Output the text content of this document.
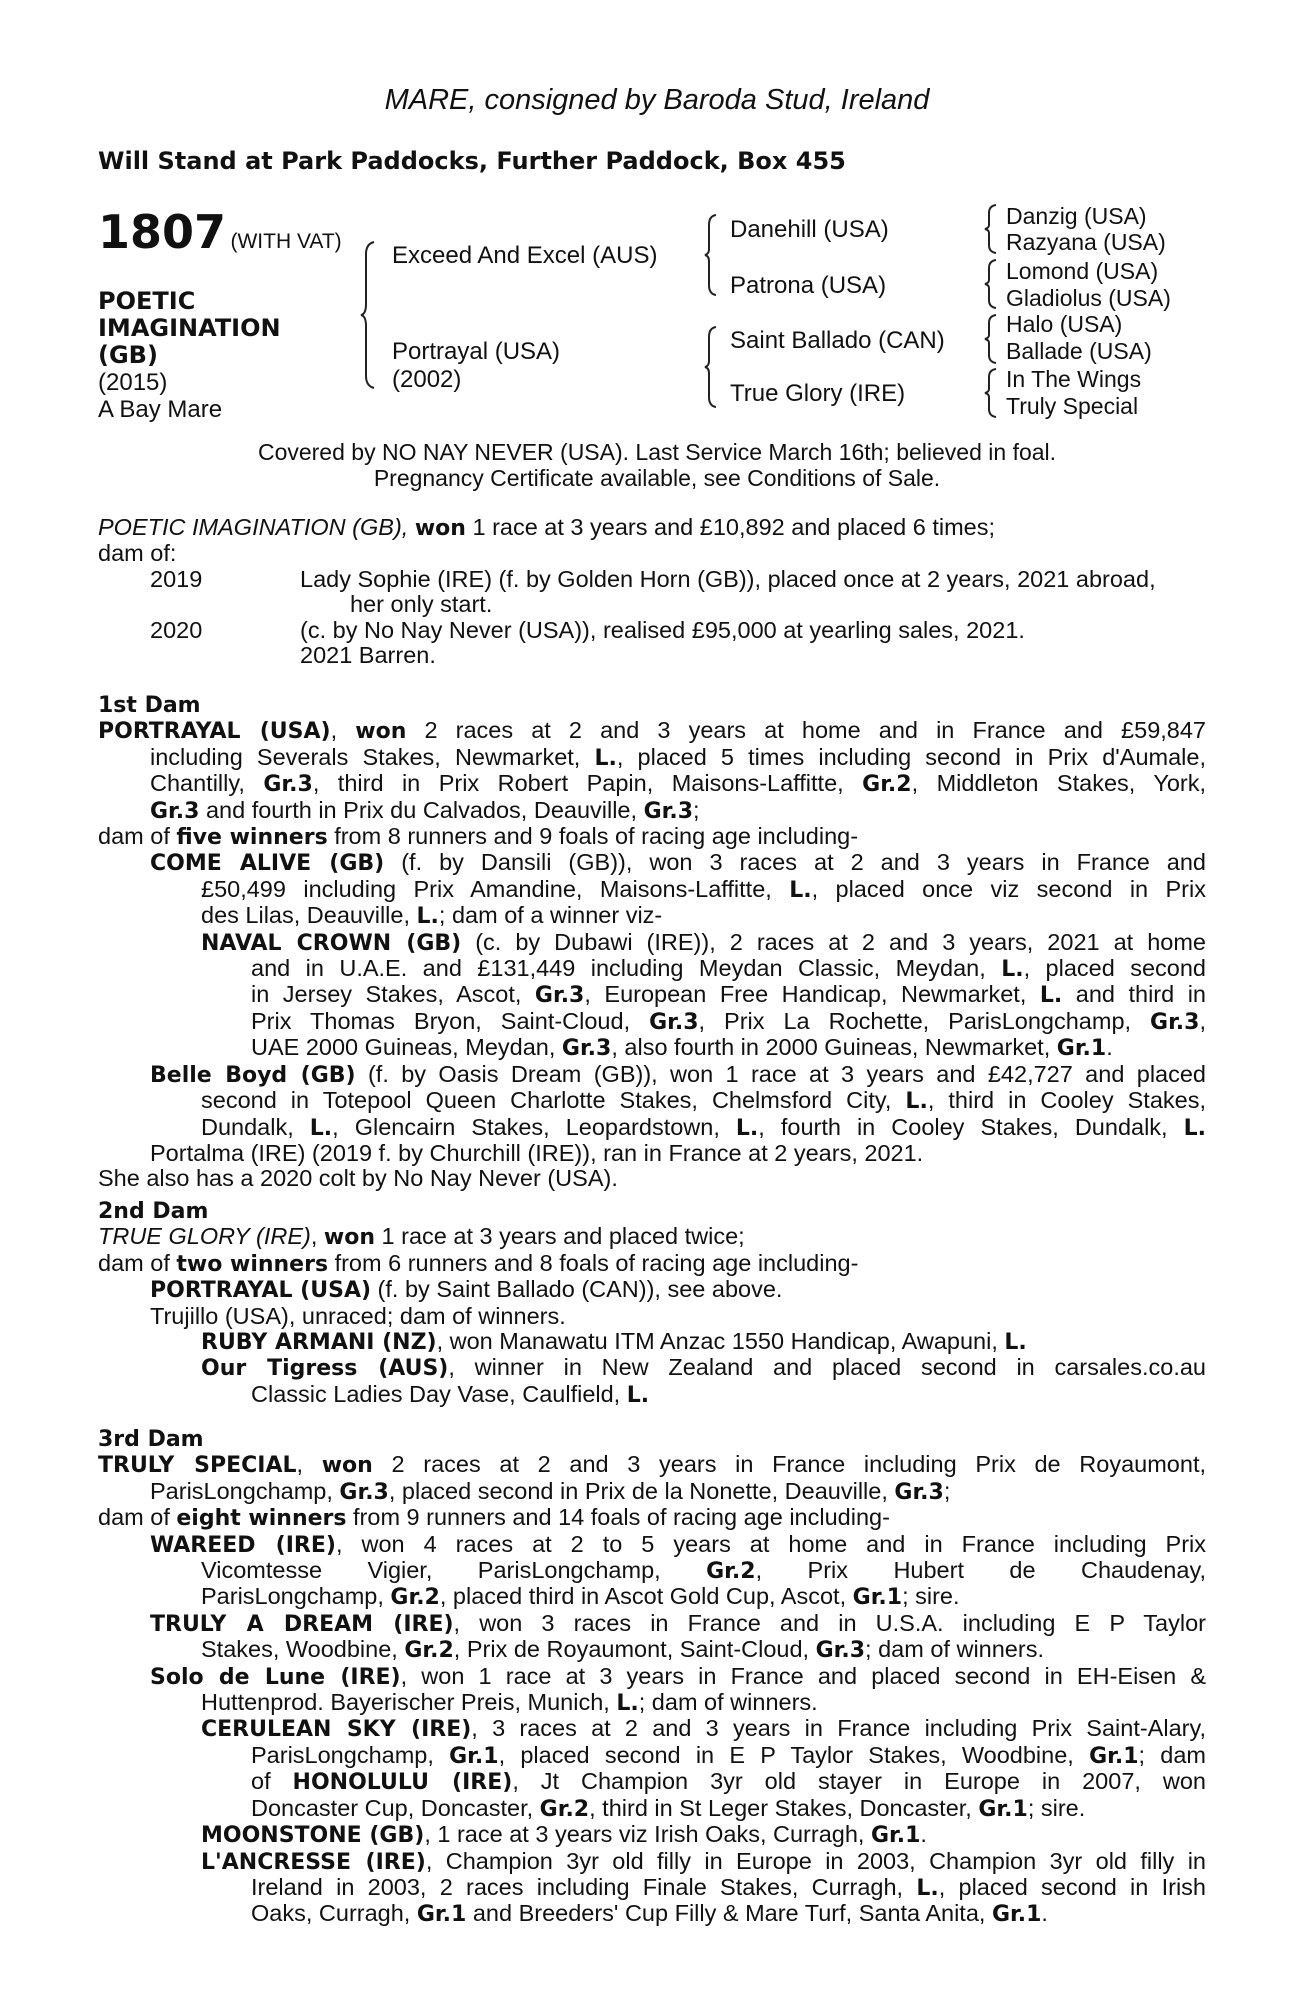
MARE, consigned by Baroda Stud, Ireland
Will Stand at Park Paddocks, Further Paddock, Box 455
1807 (WITH VAT)
POETIC
IMAGINATION
(GB)
(2015)
A Bay Mare
Exceed And Excel (AUS)
Portrayal (USA)
(2002)
Danehill (USA)
Patrona (USA)
Saint Ballado (CAN)
True Glory (IRE)
Danzig (USA)
Razyana (USA)
Lomond (USA)
Gladiolus (USA)
Halo (USA)
Ballade (USA)
In The Wings
Truly Special
Covered by NO NAY NEVER (USA). Last Service March 16th; believed in foal.
Pregnancy Certificate available, see Conditions of Sale.
POETIC IMAGINATION (GB), won 1 race at 3 years and £10,892 and placed 6 times;
dam of:
2019	Lady Sophie (IRE) (f. by Golden Horn (GB)), placed once at 2 years, 2021 abroad,
her only start.
2020	(c. by No Nay Never (USA)), realised £95,000 at yearling sales, 2021.
2021 Barren.
1st Dam
PORTRAYAL (USA), won 2 races at 2 and 3 years at home and in France and £59,847
including Severals Stakes, Newmarket, L., placed 5 times including second in Prix d'Aumale,
Chantilly, Gr.3, third in Prix Robert Papin, Maisons-Laffitte, Gr.2, Middleton Stakes, York,
Gr.3 and fourth in Prix du Calvados, Deauville, Gr.3;
dam of five winners from 8 runners and 9 foals of racing age including-
COME ALIVE (GB) (f. by Dansili (GB)), won 3 races at 2 and 3 years in France and
£50,499 including Prix Amandine, Maisons-Laffitte, L., placed once viz second in Prix
des Lilas, Deauville, L.; dam of a winner viz-
NAVAL CROWN (GB) (c. by Dubawi (IRE)), 2 races at 2 and 3 years, 2021 at home
and in U.A.E. and £131,449 including Meydan Classic, Meydan, L., placed second
in Jersey Stakes, Ascot, Gr.3, European Free Handicap, Newmarket, L. and third in
Prix Thomas Bryon, Saint-Cloud, Gr.3, Prix La Rochette, ParisLongchamp, Gr.3,
UAE 2000 Guineas, Meydan, Gr.3, also fourth in 2000 Guineas, Newmarket, Gr.1.
Belle Boyd (GB) (f. by Oasis Dream (GB)), won 1 race at 3 years and £42,727 and placed
second in Totepool Queen Charlotte Stakes, Chelmsford City, L., third in Cooley Stakes,
Dundalk, L., Glencairn Stakes, Leopardstown, L., fourth in Cooley Stakes, Dundalk, L.
Portalma (IRE) (2019 f. by Churchill (IRE)), ran in France at 2 years, 2021.
She also has a 2020 colt by No Nay Never (USA).
2nd Dam
TRUE GLORY (IRE), won 1 race at 3 years and placed twice;
dam of two winners from 6 runners and 8 foals of racing age including-
PORTRAYAL (USA) (f. by Saint Ballado (CAN)), see above.
Trujillo (USA), unraced; dam of winners.
RUBY ARMANI (NZ), won Manawatu ITM Anzac 1550 Handicap, Awapuni, L.
Our Tigress (AUS), winner in New Zealand and placed second in carsales.co.au
Classic Ladies Day Vase, Caulfield, L.
3rd Dam
TRULY SPECIAL, won 2 races at 2 and 3 years in France including Prix de Royaumont,
ParisLongchamp, Gr.3, placed second in Prix de la Nonette, Deauville, Gr.3;
dam of eight winners from 9 runners and 14 foals of racing age including-
WAREED (IRE), won 4 races at 2 to 5 years at home and in France including Prix
Vicomtesse Vigier, ParisLongchamp, Gr.2, Prix Hubert de Chaudenay,
ParisLongchamp, Gr.2, placed third in Ascot Gold Cup, Ascot, Gr.1; sire.
TRULY A DREAM (IRE), won 3 races in France and in U.S.A. including E P Taylor
Stakes, Woodbine, Gr.2, Prix de Royaumont, Saint-Cloud, Gr.3; dam of winners.
Solo de Lune (IRE), won 1 race at 3 years in France and placed second in EH-Eisen &
Huttenprod. Bayerischer Preis, Munich, L.; dam of winners.
CERULEAN SKY (IRE), 3 races at 2 and 3 years in France including Prix Saint-Alary,
ParisLongchamp, Gr.1, placed second in E P Taylor Stakes, Woodbine, Gr.1; dam
of HONOLULU (IRE), Jt Champion 3yr old stayer in Europe in 2007, won
Doncaster Cup, Doncaster, Gr.2, third in St Leger Stakes, Doncaster, Gr.1; sire.
MOONSTONE (GB), 1 race at 3 years viz Irish Oaks, Curragh, Gr.1.
L'ANCRESSE (IRE), Champion 3yr old filly in Europe in 2003, Champion 3yr old filly in
Ireland in 2003, 2 races including Finale Stakes, Curragh, L., placed second in Irish
Oaks, Curragh, Gr.1 and Breeders' Cup Filly & Mare Turf, Santa Anita, Gr.1.
